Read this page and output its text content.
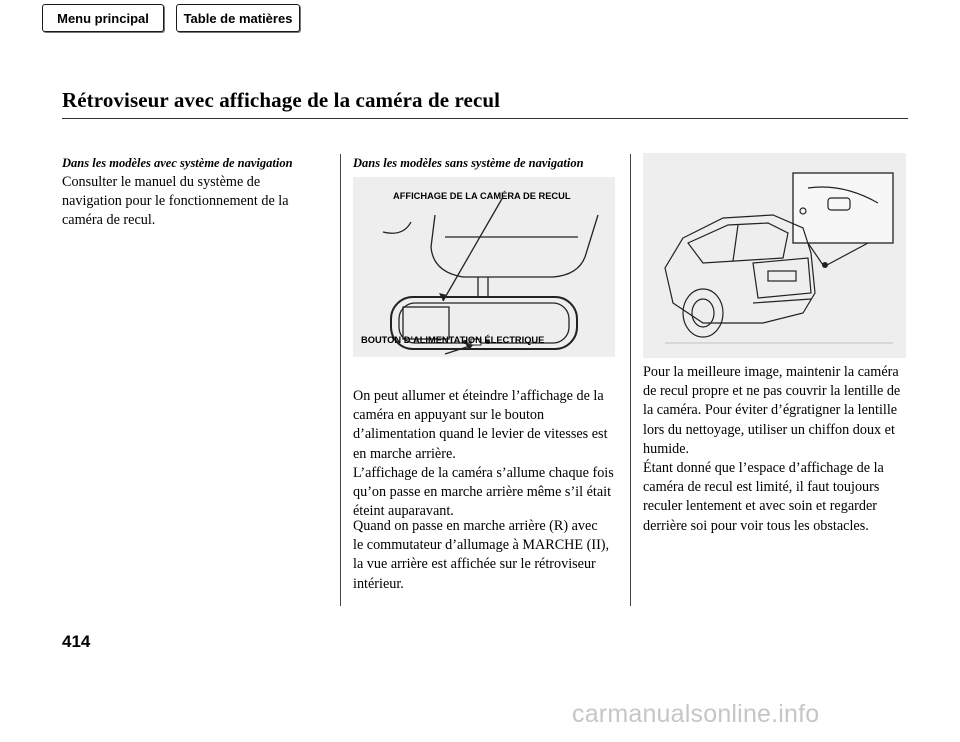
Menu principal	Table de matières
Rétroviseur avec affichage de la caméra de recul
Dans les modèles avec système de navigation

Consulter le manuel du système de

navigation pour le fonctionnement de la

caméra de recul.

Dans les modèles sans système de navigation
AFFICHAGE DE LA CAMÉRA DE RECUL
BOUTON D’ALIMENTATION ÉLECTRIQUE

On peut allumer et éteindre l’affichage de la

caméra en appuyant sur le bouton

d’alimentation quand le levier de vitesses est

en marche arrière.

L’affichage de la caméra s’allume chaque fois

qu’on passe en marche arrière même s’il était

éteint auparavant.

Quand on passe en marche arrière (R) avec

le commutateur d’allumage à MARCHE (II),

la vue arrière est affichée sur le rétroviseur

intérieur.

Pour la meilleure image, maintenir la caméra

de recul propre et ne pas couvrir la lentille de

la caméra. Pour éviter d’égratigner la lentille

lors du nettoyage, utiliser un chiffon doux et

humide.

Étant donné que l’espace d’affichage de la

caméra de recul est limité, il faut toujours

reculer lentement et avec soin et regarder

derrière soi pour voir tous les obstacles.

414
carmanualsonline.info
